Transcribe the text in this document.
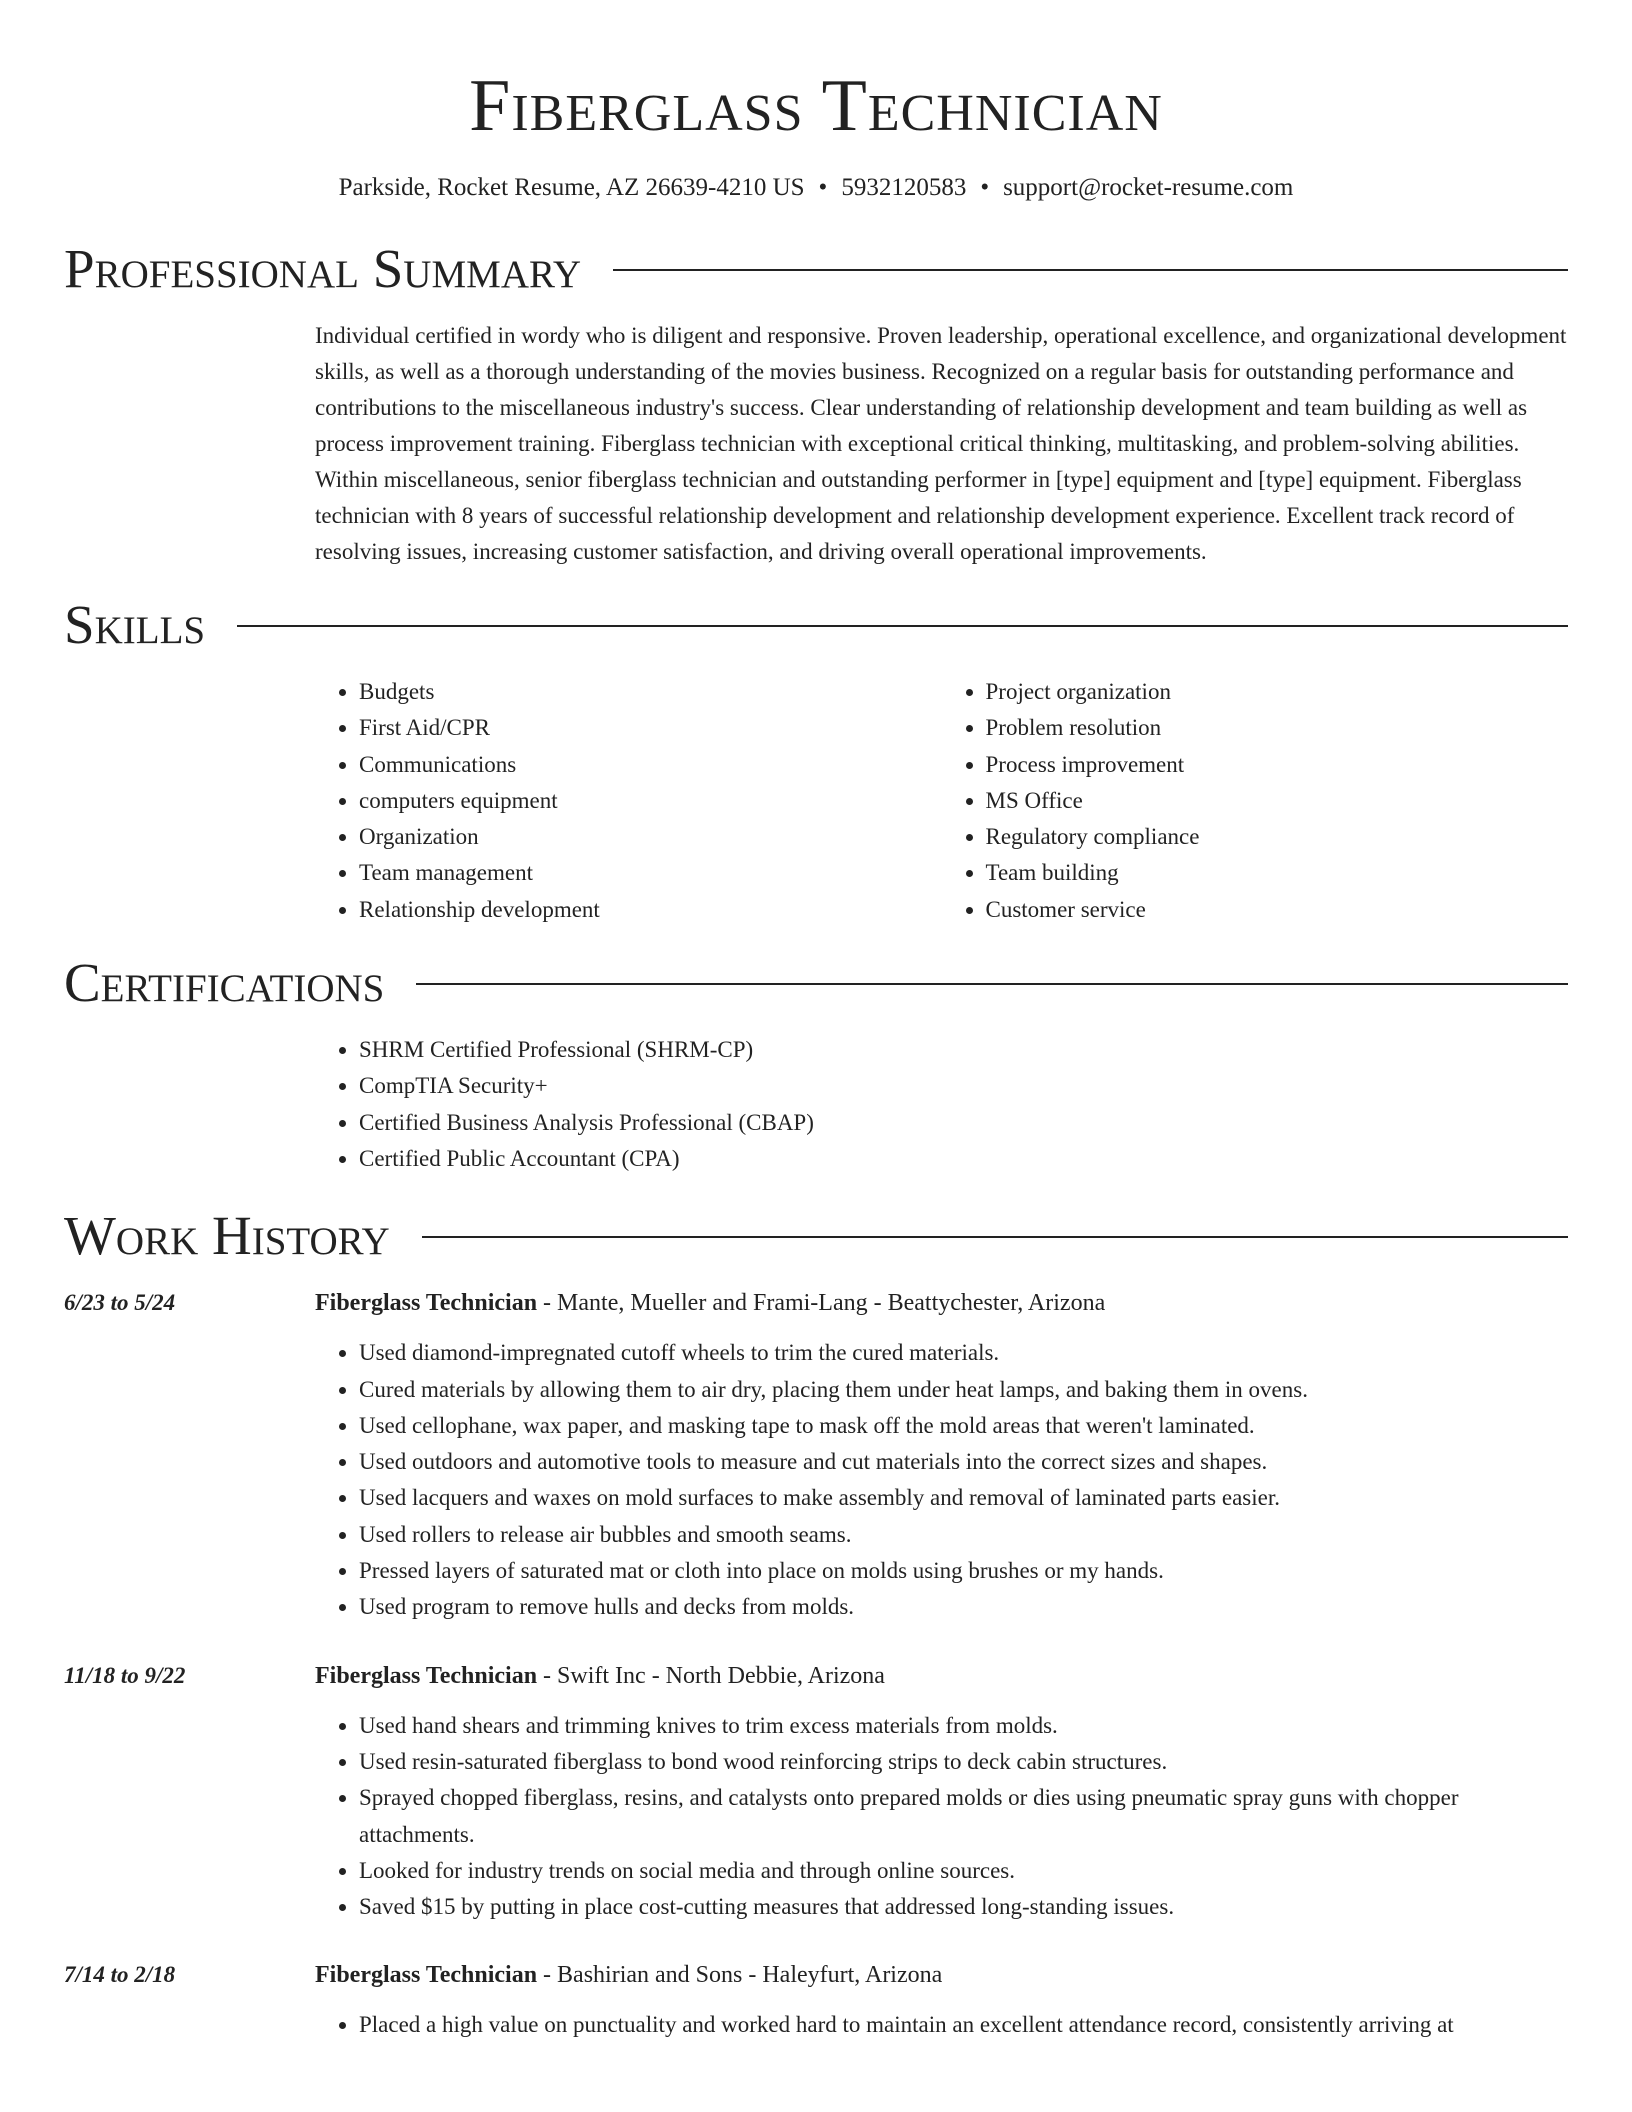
Fiberglass Technician
Parkside, Rocket Resume, AZ 26639-4210 US • 5932120583 • support@rocket-resume.com
Professional Summary

Individual certified in wordy who is diligent and responsive. Proven leadership, operational excellence, and organizational development skills, as well as a thorough understanding of the movies business. Recognized on a regular basis for outstanding performance and contributions to the miscellaneous industry's success. Clear understanding of relationship development and team building as well as process improvement training. Fiberglass technician with exceptional critical thinking, multitasking, and problem-solving abilities. Within miscellaneous, senior fiberglass technician and outstanding performer in [type] equipment and [type] equipment. Fiberglass technician with 8 years of successful relationship development and relationship development experience. Excellent track record of resolving issues, increasing customer satisfaction, and driving overall operational improvements.

Skills
• Budgets
• First Aid/CPR
• Communications
• computers equipment
• Organization
• Team management
• Relationship development
• Project organization
• Problem resolution
• Process improvement
• MS Office
• Regulatory compliance
• Team building
• Customer service
Certifications
• SHRM Certified Professional (SHRM-CP)
• CompTIA Security+
• Certified Business Analysis Professional (CBAP)
• Certified Public Accountant (CPA)
Work History
6/23 to 5/24	Fiberglass Technician - Mante, Mueller and Frami-Lang - Beattychester, Arizona
• Used diamond-impregnated cutoff wheels to trim the cured materials.
• Cured materials by allowing them to air dry, placing them under heat lamps, and baking them in ovens.
• Used cellophane, wax paper, and masking tape to mask off the mold areas that weren't laminated.
• Used outdoors and automotive tools to measure and cut materials into the correct sizes and shapes.
• Used lacquers and waxes on mold surfaces to make assembly and removal of laminated parts easier.
• Used rollers to release air bubbles and smooth seams.
• Pressed layers of saturated mat or cloth into place on molds using brushes or my hands.
• Used program to remove hulls and decks from molds.
11/18 to 9/22	Fiberglass Technician - Swift Inc - North Debbie, Arizona
• Used hand shears and trimming knives to trim excess materials from molds.
• Used resin-saturated fiberglass to bond wood reinforcing strips to deck cabin structures.
• Sprayed chopped fiberglass, resins, and catalysts onto prepared molds or dies using pneumatic spray guns with chopper attachments.
• Looked for industry trends on social media and through online sources.
• Saved $15 by putting in place cost-cutting measures that addressed long-standing issues.
7/14 to 2/18	Fiberglass Technician - Bashirian and Sons - Haleyfurt, Arizona
• Placed a high value on punctuality and worked hard to maintain an excellent attendance record, consistently arriving at
